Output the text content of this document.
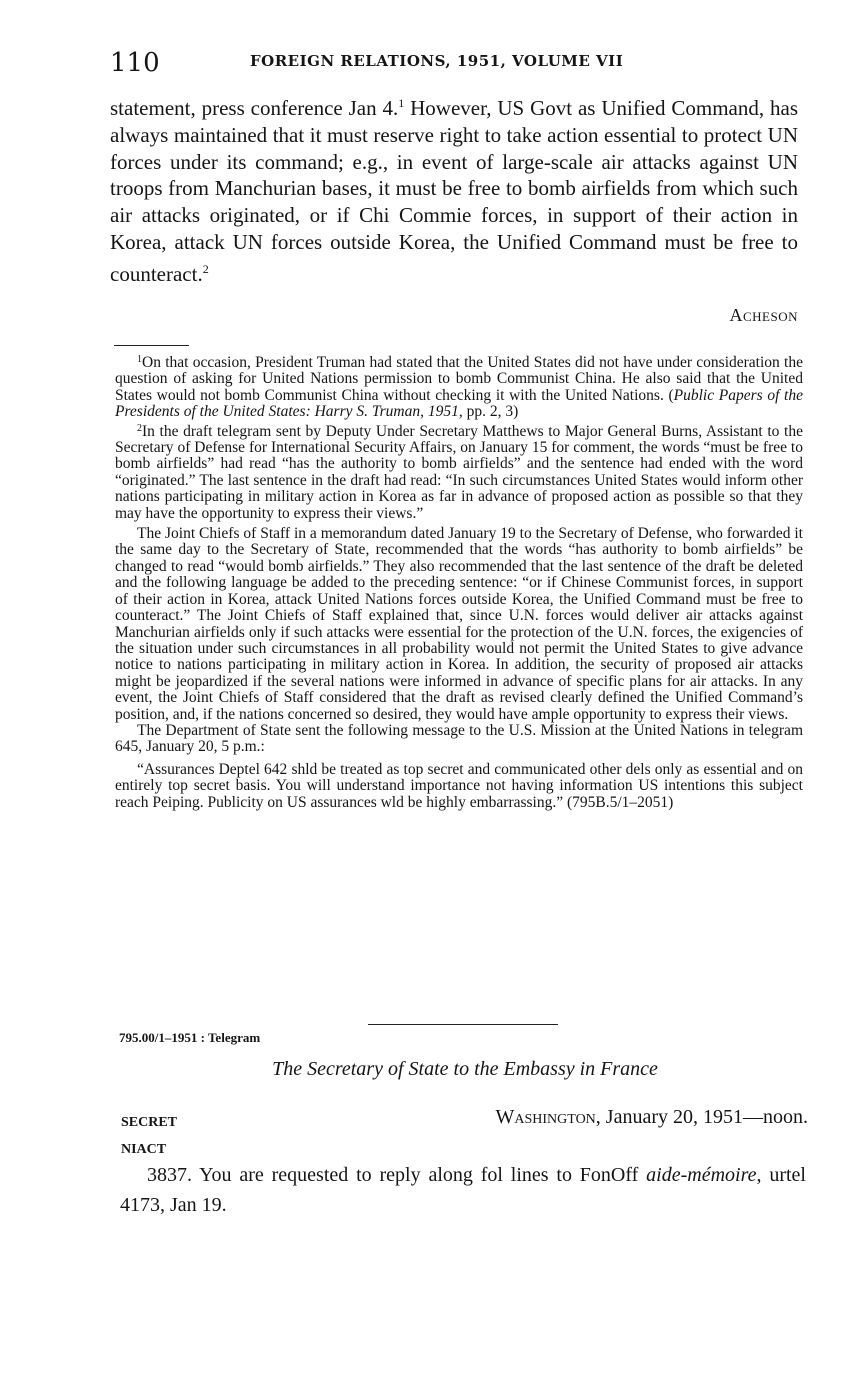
110	FOREIGN RELATIONS, 1951, VOLUME VII

statement, press conference Jan 4.$^1$ However, US Govt as Unified Command, has always maintained that it must reserve right to take action essential to protect UN forces under its command; e.g., in event of large-scale air attacks against UN troops from Manchurian bases, it must be free to bomb airfields from which such air attacks originated, or if Chi Commie forces, in support of their action in Korea, attack UN forces outside Korea, the Unified Command must be free to counteract.$^2$

Acheson

$^1$On that occasion, President Truman had stated that the United States did not have under consideration the question of asking for United Nations permission to bomb Communist China. He also said that the United States would not bomb Communist China without checking it with the United Nations. (Public Papers of the Presidents of the United States: Harry S. Truman, 1951, pp. 2, 3)

$^2$In the draft telegram sent by Deputy Under Secretary Matthews to Major General Burns, Assistant to the Secretary of Defense for International Security Affairs, on January 15 for comment, the words “must be free to bomb airfields” had read “has the authority to bomb airfields” and the sentence had ended with the word “originated.” The last sentence in the draft had read: “In such circumstances United States would inform other nations participating in military action in Korea as far in advance of proposed action as possible so that they may have the opportunity to express their views.”

The Joint Chiefs of Staff in a memorandum dated January 19 to the Secretary of Defense, who forwarded it the same day to the Secretary of State, recommended that the words “has authority to bomb airfields” be changed to read “would bomb airfields.” They also recommended that the last sentence of the draft be deleted and the following language be added to the preceding sentence: “or if Chinese Communist forces, in support of their action in Korea, attack United Nations forces outside Korea, the Unified Command must be free to counteract.” The Joint Chiefs of Staff explained that, since U.N. forces would deliver air attacks against Manchurian airfields only if such attacks were essential for the protection of the U.N. forces, the exigencies of the situation under such circumstances in all probability would not permit the United States to give advance notice to nations participating in military action in Korea. In addition, the security of proposed air attacks might be jeopardized if the several nations were informed in advance of specific plans for air attacks. In any event, the Joint Chiefs of Staff considered that the draft as revised clearly defined the Unified Command’s position, and, if the nations concerned so desired, they would have ample opportunity to express their views.

The Department of State sent the following message to the U.S. Mission at the United Nations in telegram 645, January 20, 5 p.m.:

“Assurances Deptel 642 shld be treated as top secret and communicated other dels only as essential and on entirely top secret basis. You will understand importance not having information US intentions this subject reach Peiping. Publicity on US assurances wld be highly embarrassing.” (795B.5/1–2051)

795.00/1–1951 : Telegram
The Secretary of State to the Embassy in France
SECRET
NIACT
Washington, January 20, 1951—noon.

3837. You are requested to reply along fol lines to FonOff aide-mémoire, urtel 4173, Jan 19.
